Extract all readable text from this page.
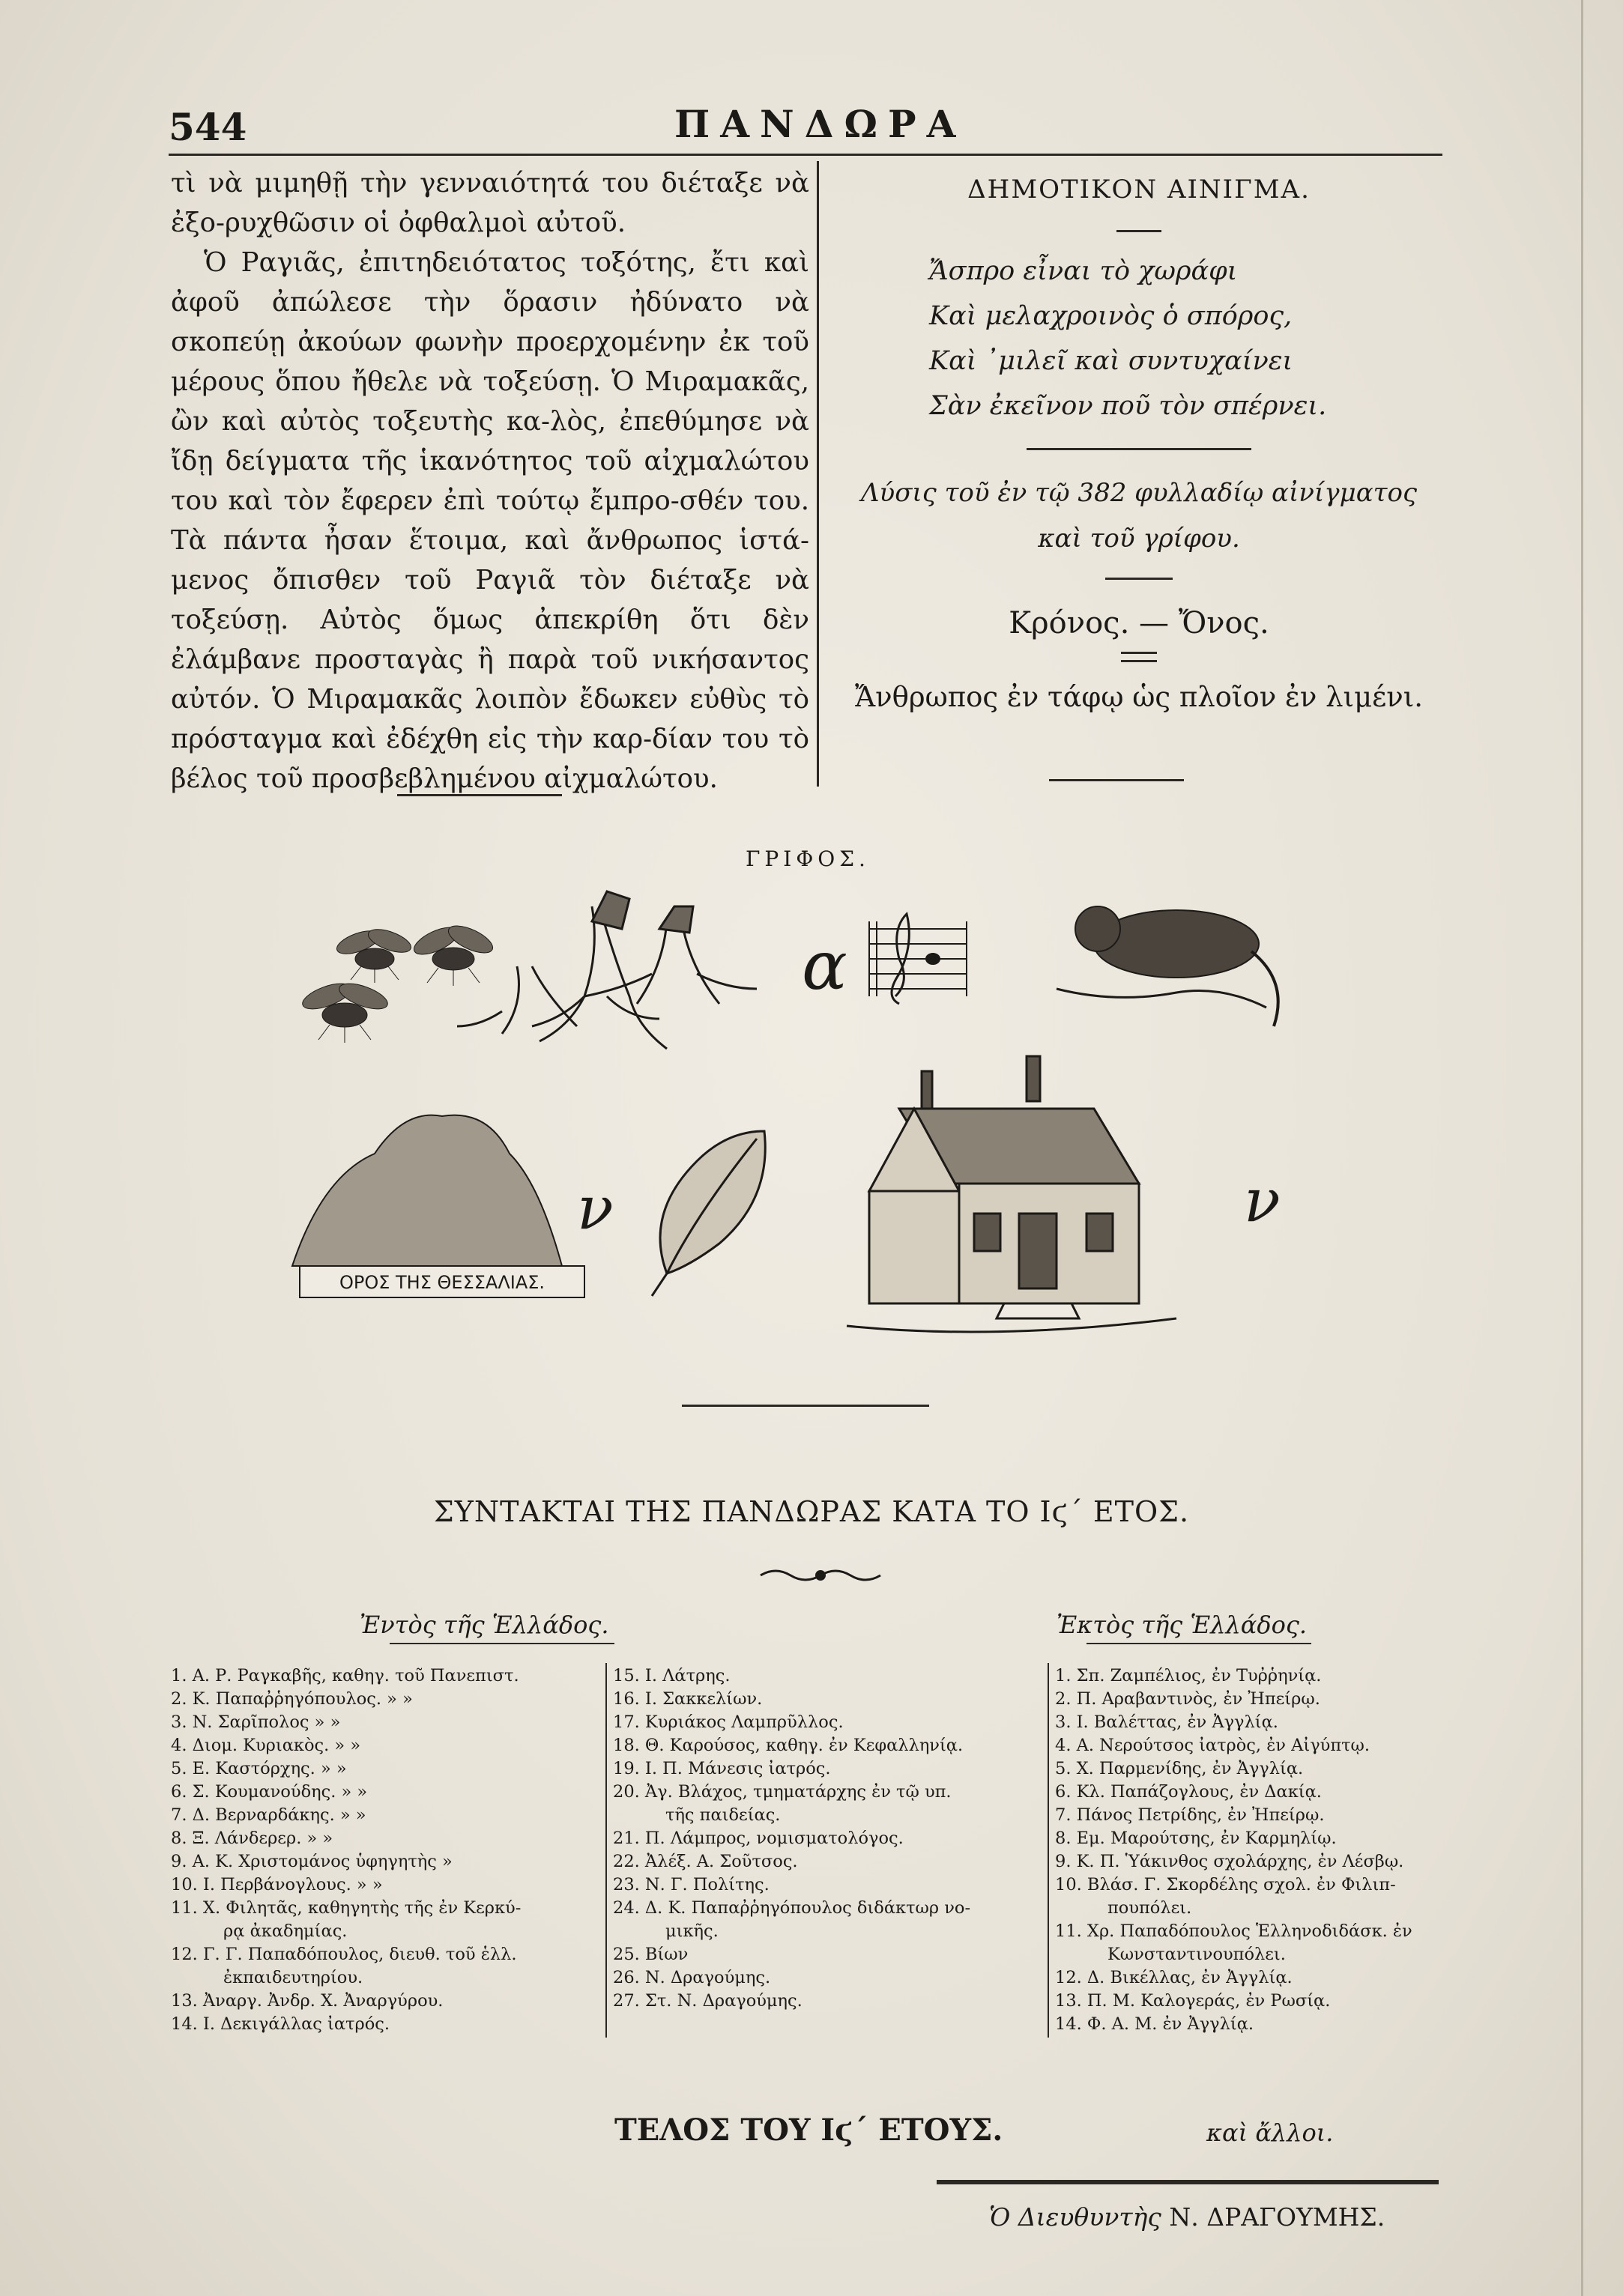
544	ΠΑΝΔΩΡΑ

τὶ νὰ μιμηθῇ τὴν γενναιότητά του διέταξε νὰ ἐξο-ρυχθῶσιν οἱ ὀφθαλμοὶ αὐτοῦ.

Ὁ Ραγιᾶς, ἐπιτηδειότατος τοξότης, ἔτι καὶ ἀφοῦ ἀπώλεσε τὴν ὅρασιν ἠδύνατο νὰ σκοπεύῃ ἀκούων φωνὴν προερχομένην ἐκ τοῦ μέρους ὅπου ἤθελε νὰ τοξεύσῃ. Ὁ Μιραμακᾶς, ὢν καὶ αὐτὸς τοξευτὴς κα-λὸς, ἐπεθύμησε νὰ ἴδῃ δείγματα τῆς ἱκανότητος τοῦ αἰχμαλώτου του καὶ τὸν ἔφερεν ἐπὶ τούτῳ ἔμπρο-σθέν του. Τὰ πάντα ἦσαν ἕτοιμα, καὶ ἄνθρωπος ἱστά-μενος ὄπισθεν τοῦ Ραγιᾶ τὸν διέταξε νὰ τοξεύσῃ. Αὐτὸς ὅμως ἀπεκρίθη ὅτι δὲν ἐλάμβανε προσταγὰς ἢ παρὰ τοῦ νικήσαντος αὐτόν. Ὁ Μιραμακᾶς λοιπὸν ἔδωκεν εὐθὺς τὸ πρόσταγμα καὶ ἐδέχθη εἰς τὴν καρ-δίαν του τὸ βέλος τοῦ προσβεβλημένου αἰχμαλώτου.

ΔΗΜΟΤΙΚΟΝ ΑΙΝΙΓΜΑ.
Ἄσπρο εἶναι τὸ χωράφι
Καὶ μελαχροινὸς ὁ σπόρος,
Καὶ ᾿μιλεῖ καὶ συντυχαίνει
Σὰν ἐκεῖνον ποῦ τὸν σπέρνει.
Λύσις τοῦ ἐν τῷ 382 φυλλαδίῳ αἰνίγματος
καὶ τοῦ γρίφου.
Κρόνος. — Ὄνος.
Ἄνθρωπος ἐν τάφῳ ὡς πλοῖον ἐν λιμένι.
ΓΡΙΦΟΣ.
α
ΟΡΟΣ ΤΗΣ ΘΕΣΣΑΛΙΑΣ.
ν	ν
ΣΥΝΤΑΚΤΑΙ ΤΗΣ ΠΑΝΔΩΡΑΣ ΚΑΤΑ ΤΟ Ιϛ΄ ΕΤΟΣ.
Ἐντὸς τῆς Ἑλλάδος.	Ἐκτὸς τῆς Ἑλλάδος.
1. Α. Ρ. Ραγκαβῆς, καθηγ. τοῦ Πανεπιστ.
2. Κ. Παπαῤῥηγόπουλος. » »
3. Ν. Σαρῖπολος » »
4. Διομ. Κυριακὸς. » »
5. Ε. Καστόρχης. » »
6. Σ. Κουμανούδης. » »
7. Δ. Βερναρδάκης. » »
8. Ξ. Λάνδερερ. » »
9. Α. Κ. Χριστομάνος ὑφηγητὴς »
10. Ι. Περβάνογλους. » »
11. Χ. Φιλητᾶς, καθηγητὴς τῆς ἐν Κερκύ-
ρᾳ ἀκαδημίας.
12. Γ. Γ. Παπαδόπουλος, διευθ. τοῦ ἑλλ.
ἐκπαιδευτηρίου.
13. Ἀναργ. Ἀνδρ. Χ. Ἀναργύρου.
14. Ι. Δεκιγάλλας ἰατρός.
15. Ι. Λάτρης.
16. Ι. Σακκελίων.
17. Κυριάκος Λαμπρῦλλος.
18. Θ. Καρούσος, καθηγ. ἐν Κεφαλληνίᾳ.
19. Ι. Π. Μάνεσις ἰατρός.
20. Ἀγ. Βλάχος, τμηματάρχης ἐν τῷ υπ.
τῆς παιδείας.
21. Π. Λάμπρος, νομισματολόγος.
22. Ἀλέξ. Α. Σοῦτσος.
23. Ν. Γ. Πολίτης.
24. Δ. Κ. Παπαῤῥηγόπουλος διδάκτωρ νο-
μικῆς.
25. Βίων
26. Ν. Δραγούμης.
27. Στ. Ν. Δραγούμης.
1. Σπ. Ζαμπέλιος, ἐν Τυῤῥηνίᾳ.
2. Π. Αραβαντινὸς, ἐν Ἠπείρῳ.
3. Ι. Βαλέττας, ἐν Ἀγγλίᾳ.
4. Α. Νερούτσος ἰατρὸς, ἐν Αἰγύπτῳ.
5. Χ. Παρμενίδης, ἐν Ἀγγλίᾳ.
6. Κλ. Παπάζογλους, ἐν Δακίᾳ.
7. Πάνος Πετρίδης, ἐν Ἠπείρῳ.
8. Εμ. Μαρούτσης, ἐν Καρμηλίῳ.
9. Κ. Π. Ὑάκινθος σχολάρχης, ἐν Λέσβῳ.
10. Βλάσ. Γ. Σκορδέλης σχολ. ἐν Φιλιπ-
πουπόλει.
11. Χρ. Παπαδόπουλος Ἑλληνοδιδάσκ. ἐν
Κωνσταντινουπόλει.
12. Δ. Βικέλλας, ἐν Ἀγγλίᾳ.
13. Π. Μ. Καλογεράς, ἐν Ρωσίᾳ.
14. Φ. Α. Μ. ἐν Ἀγγλίᾳ.
ΤΕΛΟΣ ΤΟΥ Ιϛ΄ ΕΤΟΥΣ.	καὶ ἄλλοι.
Ὁ Διευθυντὴς Ν. ΔΡΑΓΟΥΜΗΣ.
